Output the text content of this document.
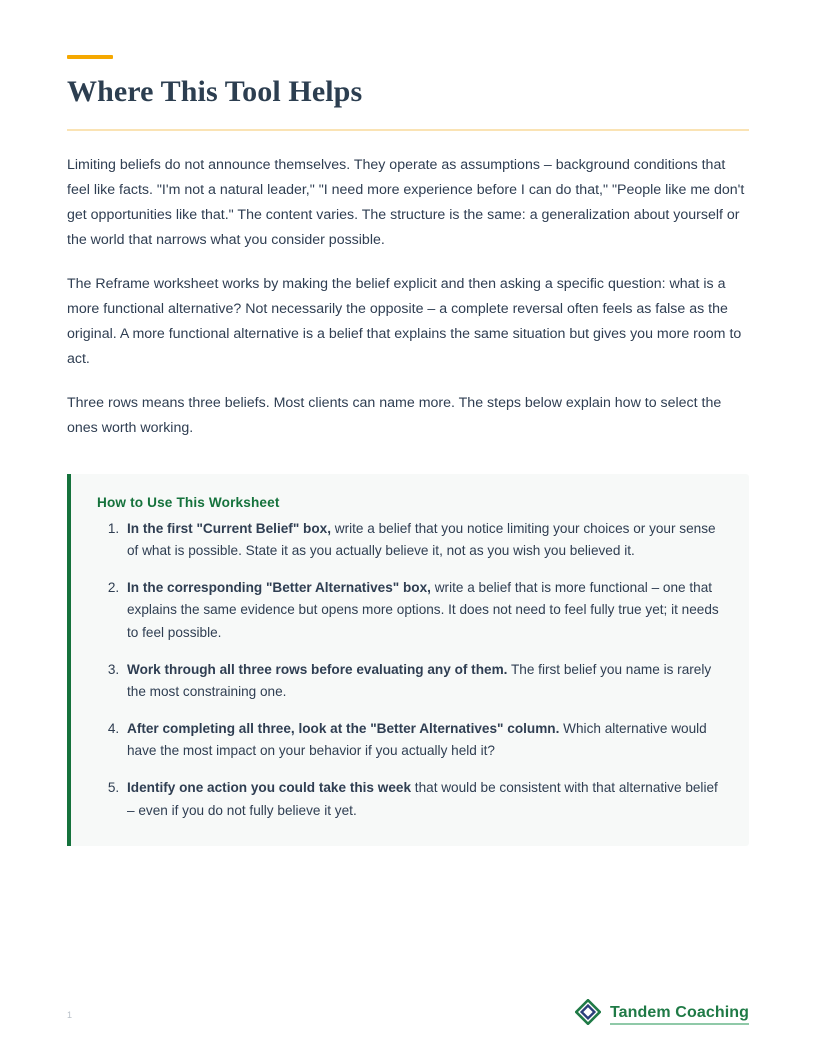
Where This Tool Helps

Limiting beliefs do not announce themselves. They operate as assumptions – background conditions that feel like facts. "I'm not a natural leader," "I need more experience before I can do that," "People like me don't get opportunities like that." The content varies. The structure is the same: a generalization about yourself or the world that narrows what you consider possible.

The Reframe worksheet works by making the belief explicit and then asking a specific question: what is a more functional alternative? Not necessarily the opposite – a complete reversal often feels as false as the original. A more functional alternative is a belief that explains the same situation but gives you more room to act.

Three rows means three beliefs. Most clients can name more. The steps below explain how to select the ones worth working.

How to Use This Worksheet
1. In the first "Current Belief" box, write a belief that you notice limiting your choices or your sense of what is possible. State it as you actually believe it, not as you wish you believed it.
2. In the corresponding "Better Alternatives" box, write a belief that is more functional – one that explains the same evidence but opens more options. It does not need to feel fully true yet; it needs to feel possible.
3. Work through all three rows before evaluating any of them. The first belief you name is rarely the most constraining one.
4. After completing all three, look at the "Better Alternatives" column. Which alternative would have the most impact on your behavior if you actually held it?
5. Identify one action you could take this week that would be consistent with that alternative belief – even if you do not fully believe it yet.
1	Tandem Coaching
